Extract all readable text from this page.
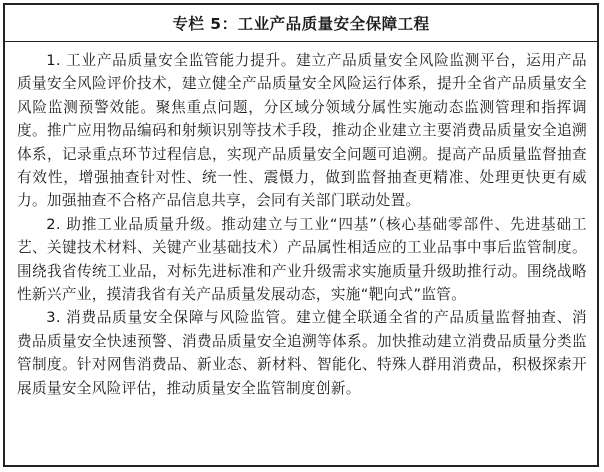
专栏 5：工业产品质量安全保障工程

1. 工业产品质量安全监管能力提升。建立产品质量安全风险监测平台，运用产品质量安全风险评价技术，建立健全产品质量安全风险运行体系，提升全省产品质量安全风险监测预警效能。聚焦重点问题，分区域分领域分属性实施动态监测管理和指挥调度。推广应用物品编码和射频识别等技术手段，推动企业建立主要消费品质量安全追溯体系，记录重点环节过程信息，实现产品质量安全问题可追溯。提高产品质量监督抽查有效性，增强抽查针对性、统一性、震慑力，做到监督抽查更精准、处理更快更有威力。加强抽查不合格产品信息共享，会同有关部门联动处置。

2. 助推工业品质量升级。推动建立与工业“四基”（核心基础零部件、先进基础工艺、关键技术材料、关键产业基础技术）产品属性相适应的工业品事中事后监管制度。围绕我省传统工业品，对标先进标准和产业升级需求实施质量升级助推行动。围绕战略性新兴产业，摸清我省有关产品质量发展动态，实施“靶向式”监管。

3. 消费品质量安全保障与风险监管。建立健全联通全省的产品质量监督抽查、消费品质量安全快速预警、消费品质量安全追溯等体系。加快推动建立消费品质量分类监管制度。针对网售消费品、新业态、新材料、智能化、特殊人群用消费品，积极探索开展质量安全风险评估，推动质量安全监管制度创新。
